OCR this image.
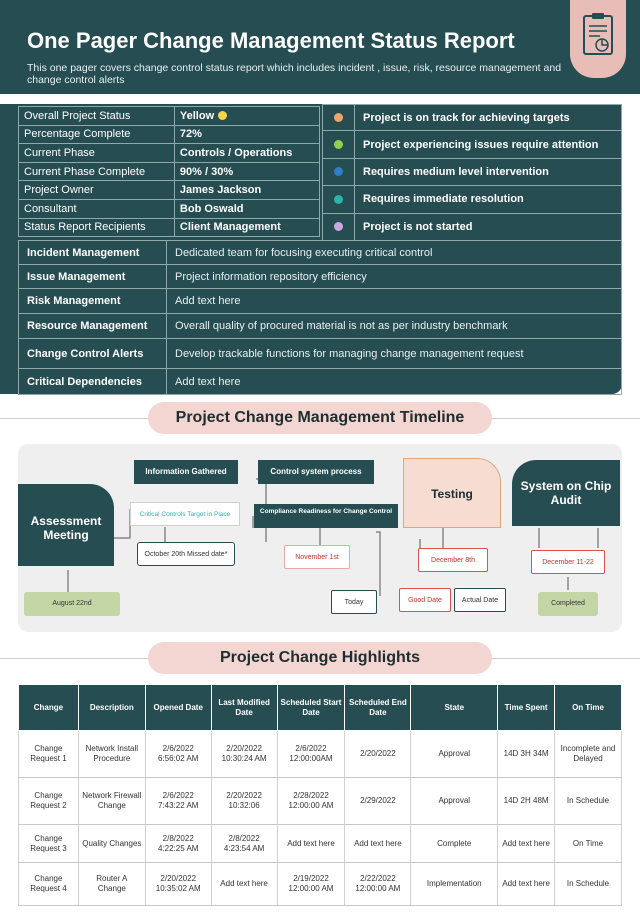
One Pager Change Management Status Report

This one pager covers change control status report which includes incident , issue, risk, resource management and change control alerts

Overall Project Status	Yellow
Percentage Complete	72%
Current Phase	Controls / Operations
Current Phase Complete	90% / 30%
Project Owner	James Jackson
Consultant	Bob Oswald
Status Report Recipients	Client Management
Project is on track for achieving targets
Project experiencing issues require attention
Requires medium level intervention
Requires immediate resolution
Project is not started
Incident Management	Dedicated team for focusing executing critical control
Issue Management	Project information repository efficiency
Risk Management	Add text here
Resource Management	Overall quality of procured material is not as per industry benchmark
Change Control Alerts	Develop trackable functions for managing change management request
Critical Dependencies	Add text here
Project Change Management Timeline
Assessment Meeting
August 22nd
Information Gathered
Critical Controls Target in Place
October 20th Missed date*
Control system process
Compliance Readiness for Change Control
November 1st
Today
Testing
December 8th
Good Date	Actual Date
System on Chip Audit
December 11-22
Completed
Project Change Highlights
Change	Description	Opened Date	Last Modified Date	Scheduled Start Date	Scheduled End Date	State	Time Spent	On Time
Change Request 1	Network Install Procedure	2/6/2022 6:56:02 AM	2/20/2022 10:30:24 AM	2/6/2022 12:00:00AM	2/20/2022	Approval	14D 3H 34M	Incomplete and Delayed
Change Request 2	Network Firewall Change	2/6/2022 7:43:22 AM	2/20/2022 10:32:06	2/28/2022 12:00:00 AM	2/29/2022	Approval	14D 2H 48M	In Schedule
Change Request 3	Quality Changes	2/8/2022 4:22:25 AM	2/8/2022 4:23:54 AM	Add text here	Add text here	Complete	Add text here	On Time
Change Request 4	Router A Change	2/20/2022 10:35:02 AM	Add text here	2/19/2022 12:00:00 AM	2/22/2022 12:00:00 AM	Implementation	Add text here	In Schedule
